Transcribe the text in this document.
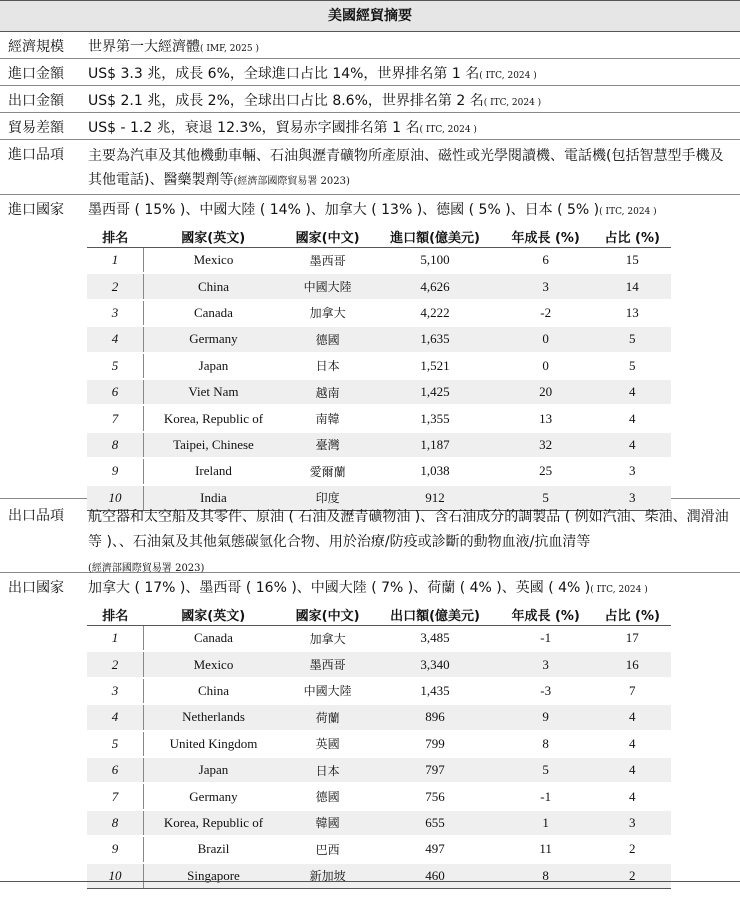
美國經貿摘要
經濟規模 世界第一大經濟體( IMF, 2025 )
進口金額 US$ 3.3 兆，成長 6%，全球進口占比 14%，世界排名第 1 名( ITC, 2024 )
出口金額 US$ 2.1 兆，成長 2%，全球出口占比 8.6%，世界排名第 2 名( ITC, 2024 )
貿易差額 US$ - 1.2 兆，衰退 12.3%，貿易赤字國排名第 1 名( ITC, 2024 )
進口品項 主要為汽車及其他機動車輛、石油與瀝青礦物所產原油、磁性或光學閱讀機、電話機(包括智慧型手機及其他電話)、醫藥製劑等(經濟部國際貿易署 2023)
進口國家 墨西哥 ( 15% )、中國大陸 ( 14% )、加拿大 ( 13% )、德國 ( 5% )、日本 ( 5% )( ITC, 2024 )
排名	國家(英文)	國家(中文)	進口額(億美元)	年成長 (%)	占比 (%)
1	Mexico	墨西哥	5,100	6	15
2	China	中國大陸	4,626	3	14
3	Canada	加拿大	4,222	-2	13
4	Germany	德國	1,635	0	5
5	Japan	日本	1,521	0	5
6	Viet Nam	越南	1,425	20	4
7	Korea, Republic of	南韓	1,355	13	4
8	Taipei, Chinese	臺灣	1,187	32	4
9	Ireland	愛爾蘭	1,038	25	3
10	India	印度	912	5	3
出口品項 航空器和太空船及其零件、原油 ( 石油及瀝青礦物油 )、含石油成分的調製品 ( 例如汽油、柴油、潤滑油等 )、、石油氣及其他氣態碳氫化合物、用於治療/防疫或診斷的動物血液/抗血清等
(經濟部國際貿易署 2023)
出口國家 加拿大 ( 17% )、墨西哥 ( 16% )、中國大陸 ( 7% )、荷蘭 ( 4% )、英國 ( 4% )( ITC, 2024 )
排名	國家(英文)	國家(中文)	出口額(億美元)	年成長 (%)	占比 (%)
1	Canada	加拿大	3,485	-1	17
2	Mexico	墨西哥	3,340	3	16
3	China	中國大陸	1,435	-3	7
4	Netherlands	荷蘭	896	9	4
5	United Kingdom	英國	799	8	4
6	Japan	日本	797	5	4
7	Germany	德國	756	-1	4
8	Korea, Republic of	韓國	655	1	3
9	Brazil	巴西	497	11	2
10	Singapore	新加坡	460	8	2
